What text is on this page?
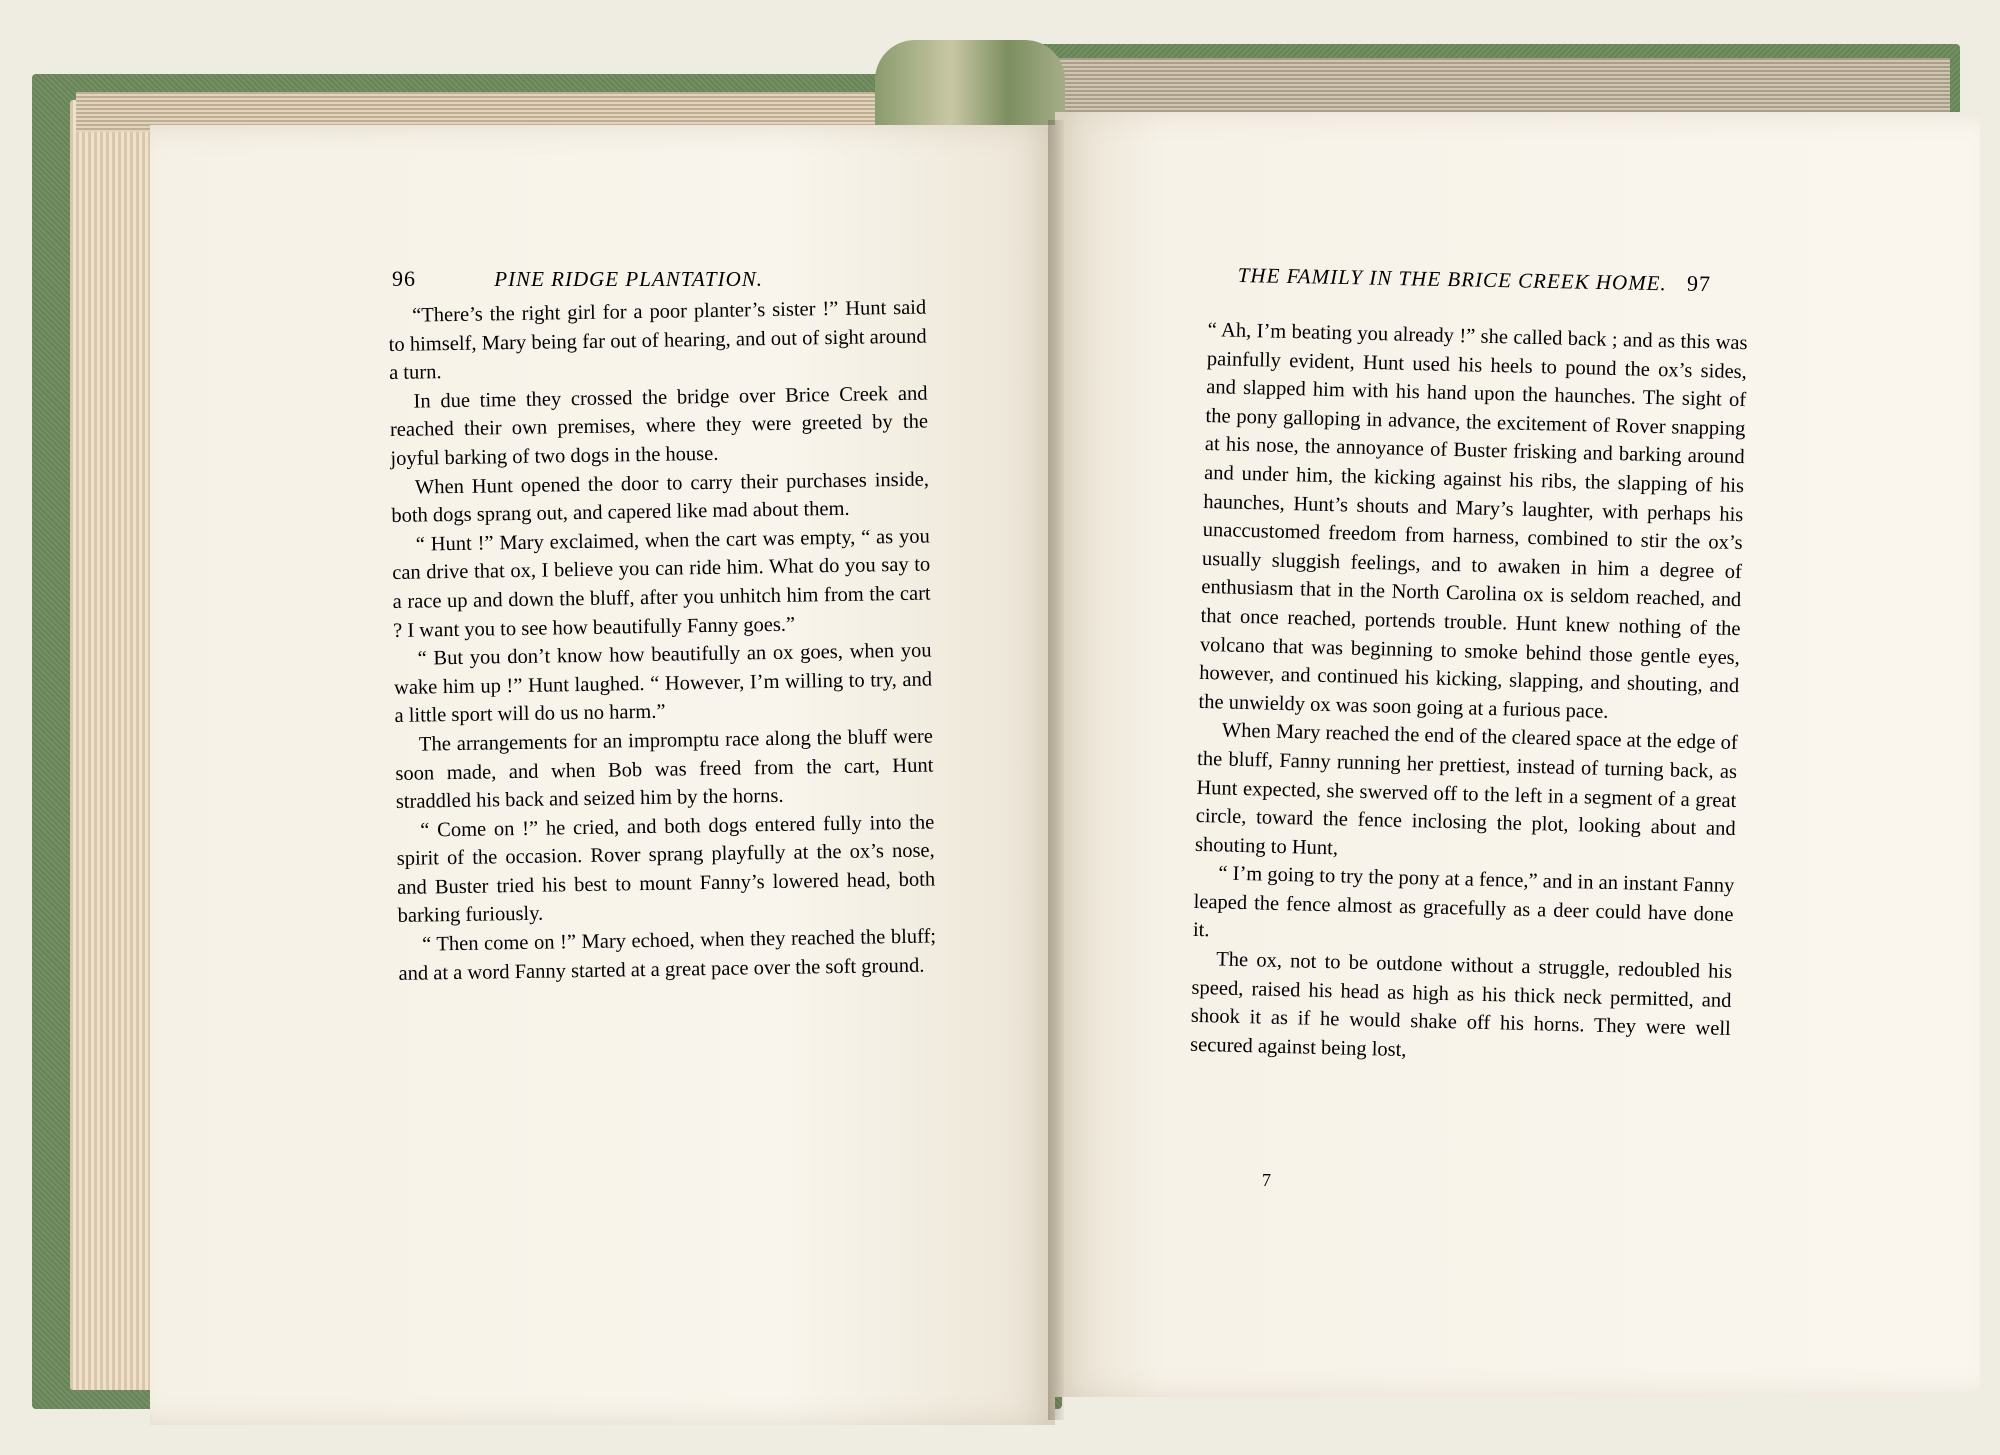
96	PINE RIDGE PLANTATION.

“There’s the right girl for a poor planter’s sister !” Hunt said to himself, Mary being far out of hearing, and out of sight around a turn.

In due time they crossed the bridge over Brice Creek and reached their own premises, where they were greeted by the joyful barking of two dogs in the house.

When Hunt opened the door to carry their purchases inside, both dogs sprang out, and capered like mad about them.

“ Hunt !” Mary exclaimed, when the cart was empty, “ as you can drive that ox, I believe you can ride him. What do you say to a race up and down the bluff, after you unhitch him from the cart ? I want you to see how beautifully Fanny goes.”

“ But you don’t know how beautifully an ox goes, when you wake him up !” Hunt laughed. “ However, I’m willing to try, and a little sport will do us no harm.”

The arrangements for an impromptu race along the bluff were soon made, and when Bob was freed from the cart, Hunt straddled his back and seized him by the horns.

“ Come on !” he cried, and both dogs entered fully into the spirit of the occasion. Rover sprang playfully at the ox’s nose, and Buster tried his best to mount Fanny’s lowered head, both barking furiously.

“ Then come on !” Mary echoed, when they reached the bluff; and at a word Fanny started at a great pace over the soft ground.

THE FAMILY IN THE BRICE CREEK HOME. 97

“ Ah, I’m beating you already !” she called back ; and as this was painfully evident, Hunt used his heels to pound the ox’s sides, and slapped him with his hand upon the haunches. The sight of the pony galloping in advance, the excitement of Rover snapping at his nose, the annoyance of Buster frisking and barking around and under him, the kicking against his ribs, the slapping of his haunches, Hunt’s shouts and Mary’s laughter, with perhaps his unaccustomed freedom from harness, combined to stir the ox’s usually sluggish feelings, and to awaken in him a degree of enthusiasm that in the North Carolina ox is seldom reached, and that once reached, portends trouble. Hunt knew nothing of the volcano that was beginning to smoke behind those gentle eyes, however, and continued his kicking, slapping, and shouting, and the unwieldy ox was soon going at a furious pace.

When Mary reached the end of the cleared space at the edge of the bluff, Fanny running her prettiest, instead of turning back, as Hunt expected, she swerved off to the left in a segment of a great circle, toward the fence inclosing the plot, looking about and shouting to Hunt,

“ I’m going to try the pony at a fence,” and in an instant Fanny leaped the fence almost as gracefully as a deer could have done it.

The ox, not to be outdone without a struggle, redoubled his speed, raised his head as high as his thick neck permitted, and shook it as if he would shake off his horns. They were well secured against being lost,

7
